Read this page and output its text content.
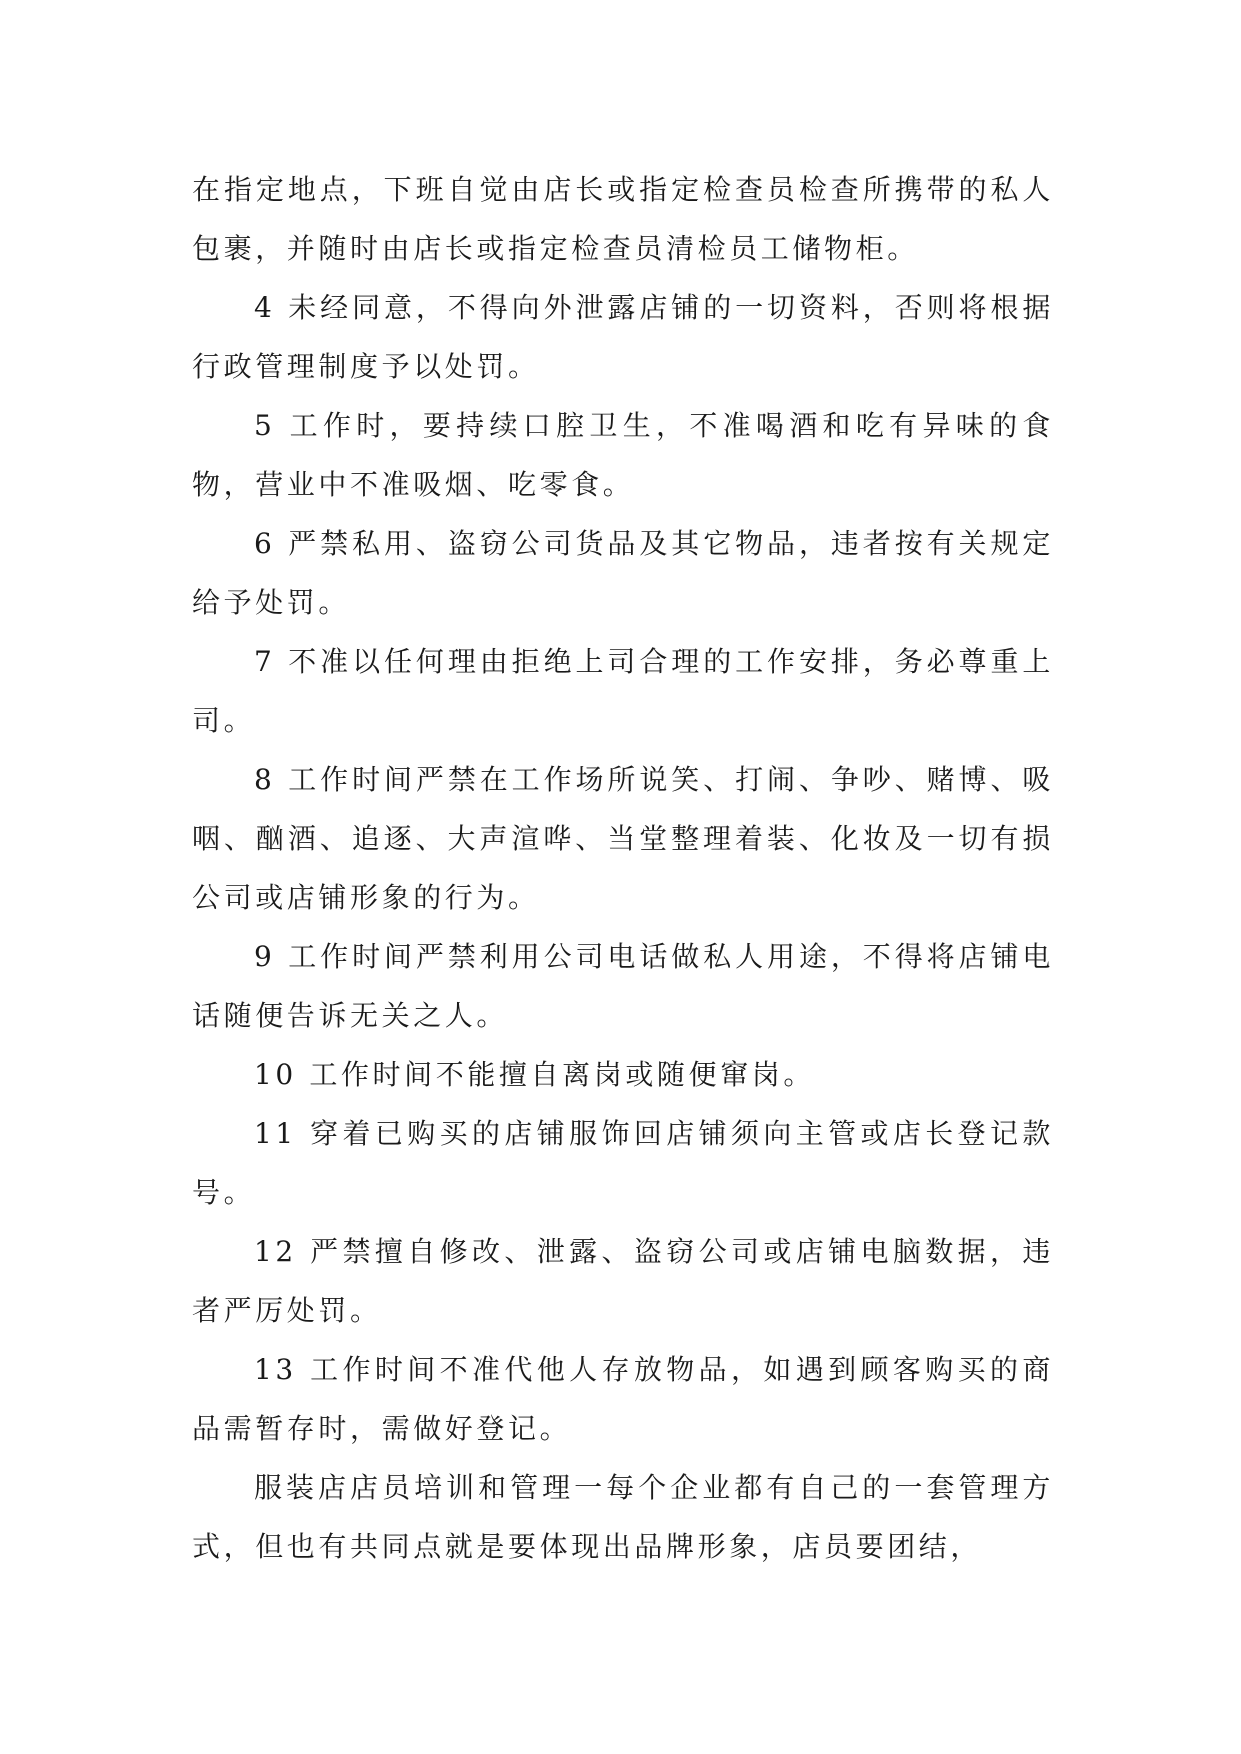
在指定地点，下班自觉由店长或指定检查员检查所携带的私人包裹，并随时由店长或指定检查员清检员工储物柜。

4 未经同意，不得向外泄露店铺的一切资料，否则将根据行政管理制度予以处罚。

5 工作时，要持续口腔卫生，不准喝酒和吃有异味的食物，营业中不准吸烟、吃零食。

6 严禁私用、盗窃公司货品及其它物品，违者按有关规定给予处罚。

7 不准以任何理由拒绝上司合理的工作安排，务必尊重上司。

8 工作时间严禁在工作场所说笑、打闹、争吵、赌博、吸咽、酗酒、追逐、大声渲哗、当堂整理着装、化妆及一切有损公司或店铺形象的行为。

9 工作时间严禁利用公司电话做私人用途，不得将店铺电话随便告诉无关之人。

10 工作时间不能擅自离岗或随便窜岗。

11 穿着已购买的店铺服饰回店铺须向主管或店长登记款号。

12 严禁擅自修改、泄露、盗窃公司或店铺电脑数据，违者严厉处罚。

13 工作时间不准代他人存放物品，如遇到顾客购买的商品需暂存时，需做好登记。

服装店店员培训和管理一每个企业都有自己的一套管理方式，但也有共同点就是要体现出品牌形象，店员要团结，
